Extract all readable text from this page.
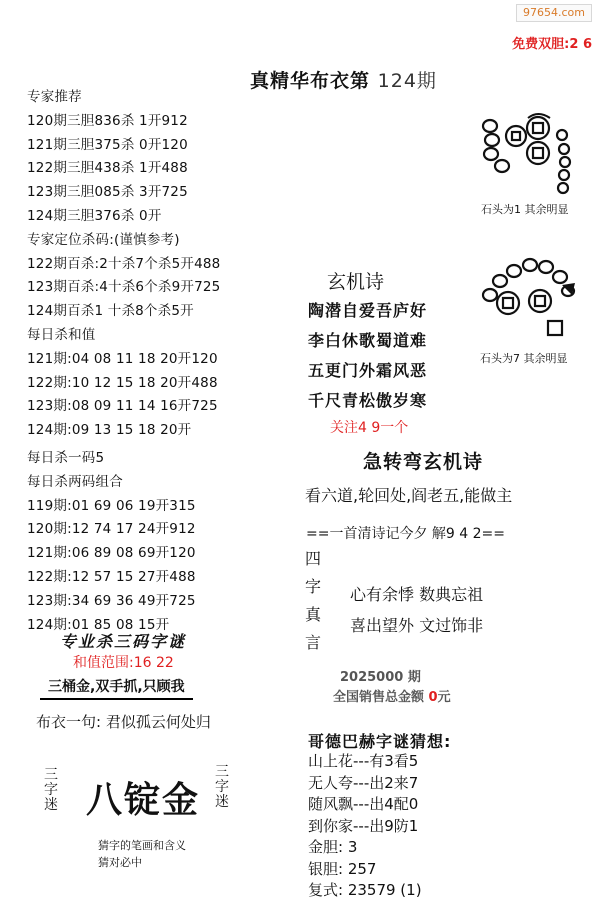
97654.com
免费双胆:2 6
真精华布衣第 124期
专家推荐
120期三胆836杀 1开912
121期三胆375杀 0开120
122期三胆438杀 1开488
123期三胆085杀 3开725
124期三胆376杀 0开
专家定位杀码:(谨慎参考)
122期百杀:2十杀7个杀5开488
123期百杀:4十杀6个杀9开725
124期百杀1 十杀8个杀5开
每日杀和值
121期:04 08 11 18 20开120
122期:10 12 15 18 20开488
123期:08 09 11 14 16开725
124期:09 13 15 18 20开
每日杀一码5
每日杀两码组合
119期:01 69 06 19开315
120期:12 74 17 24开912
121期:06 89 08 69开120
122期:12 57 15 27开488
123期:34 69 36 49开725
124期:01 85 08 15开
专业杀三码字谜
和值范围:16 22
三桶金,双手抓,只顾我
布衣一句: 君似孤云何处归
三
字
迷 八锭金
三
字
迷
猜字的笔画和含义
猜对必中
石头为1 其余明显
石头为7 其余明显
玄机诗
陶潜自爱吾庐好
李白休歌蜀道难
五更门外霜风恶
千尺青松傲岁寒
关注4 9一个
急转弯玄机诗
看六道,轮回处,阎老五,能做主
==一首清诗记今夕 解9 4 2==
四
字
真
言
心有余悸 数典忘祖
喜出望外 文过饰非
2025000 期
全国销售总金额 0元
哥德巴赫字谜猜想:
山上花---有3看5
无人夸---出2来7
随风飘---出4配0
到你家---出9防1
金胆: 3
银胆: 257
复式: 23579 (1)
